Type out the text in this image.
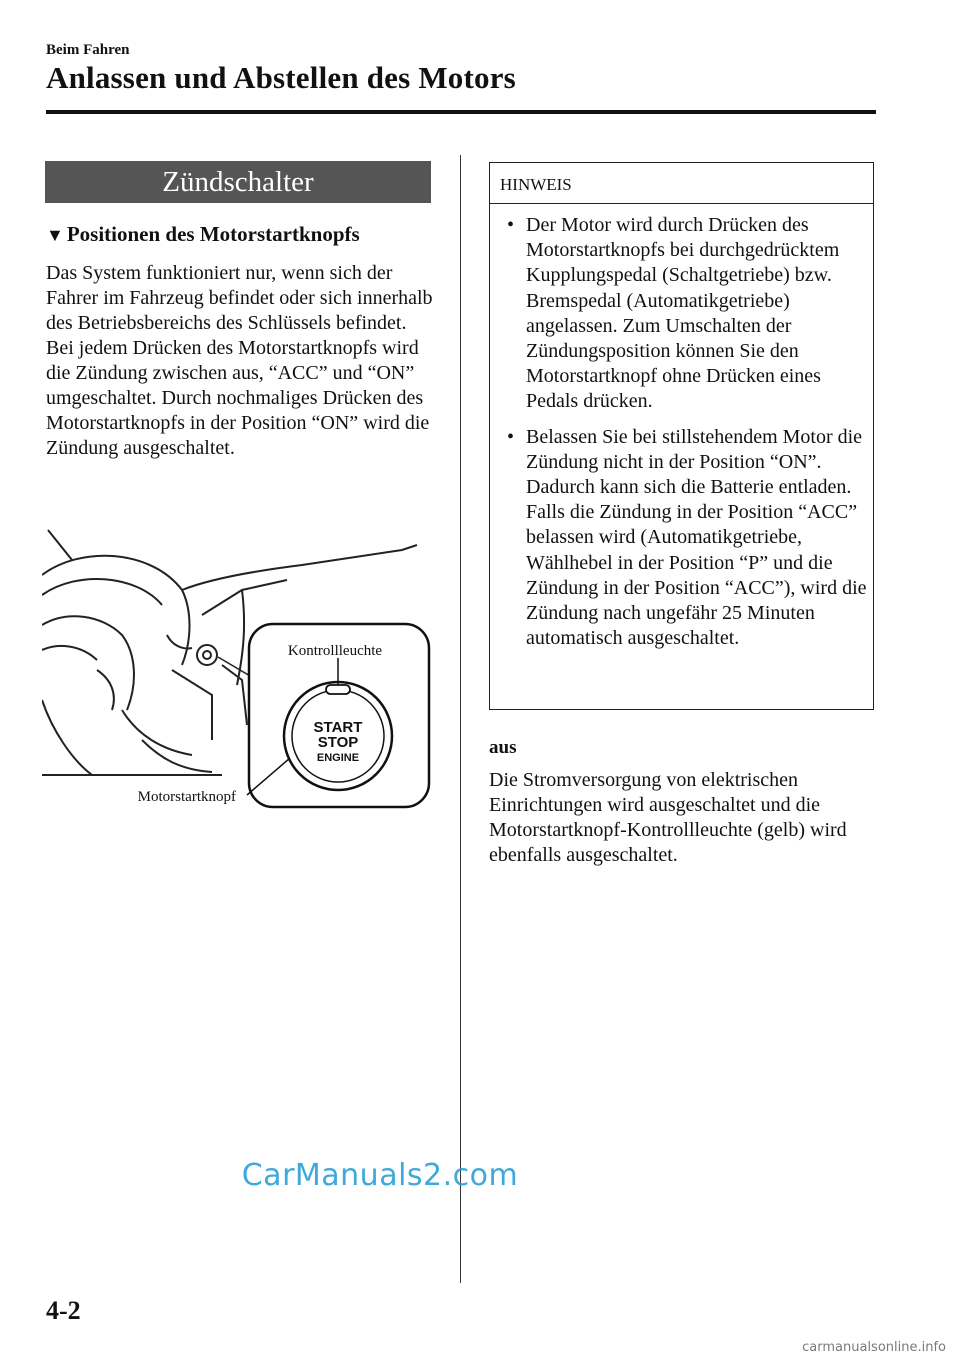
Beim Fahren
Anlassen und Abstellen des Motors
Zündschalter
▼ Positionen des Motorstartknopfs

Das System funktioniert nur, wenn sich der Fahrer im Fahrzeug befindet oder sich innerhalb des Betriebsbereichs des Schlüssels befindet.

Bei jedem Drücken des Motorstartknopfs wird die Zündung zwischen aus, “ACC” und “ON” umgeschaltet. Durch nochmaliges Drücken des Motorstartknopfs in der Position “ON” wird die Zündung ausgeschaltet.

START
STOP
ENGINE
Kontrollleuchte
Motorstartknopf
HINWEIS
• Der Motor wird durch Drücken des Motorstartknopfs bei durchgedrücktem Kupplungspedal (Schaltgetriebe) bzw. Bremspedal (Automatikgetriebe) angelassen. Zum Umschalten der Zündungsposition können Sie den Motorstartknopf ohne Drücken eines Pedals drücken.
• Belassen Sie bei stillstehendem Motor die Zündung nicht in der Position “ON”. Dadurch kann sich die Batterie entladen. Falls die Zündung in der Position “ACC” belassen wird (Automatikgetriebe, Wählhebel in der Position “P” und die Zündung in der Position “ACC”), wird die Zündung nach ungefähr 25 Minuten automatisch ausgeschaltet.
aus
Die Stromversorgung von elektrischen Einrichtungen wird ausgeschaltet und die Motorstartknopf-Kontrollleuchte (gelb) wird ebenfalls ausgeschaltet.
CarManuals2.com
4-2
carmanualsonline.info
